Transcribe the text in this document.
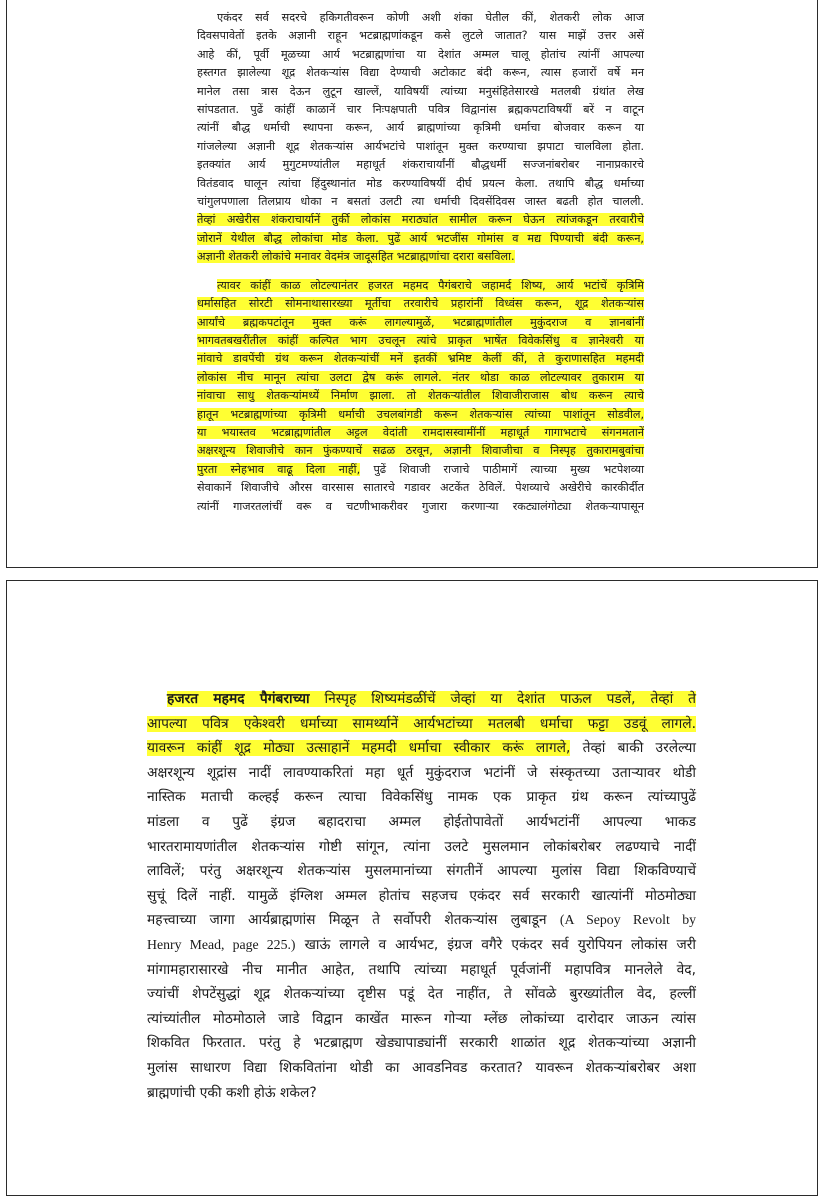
एकंदर सर्व सदरचे हकिगतीवरून कोणी अशी शंका घेतील कीं, शेतकरी लोक आज
दिवसपावेतों इतके अज्ञानी राहून भटब्राह्मणांकडून कसे लुटले जातात? यास माझें उत्तर असें
आहे कीं, पूर्वी मूळच्या आर्य भटब्राह्मणांचा या देशांत अम्मल चालू होतांच त्यांनीं आपल्या
हस्तगत झालेल्या शूद्र शेतकऱ्यांस विद्या देण्याची अटोकाट बंदी करून, त्यास हजारों वर्षे मन
मानेल तसा त्रास देऊन लुटून खाल्लें, याविषयीं त्यांच्या मनुसंहितेसारखे मतलबी ग्रंथांत लेख
सांपडतात. पुढें कांहीं काळानें चार निःपक्षपाती पवित्र विद्वानांस ब्रह्मकपटाविषयीं बरें न वाटून
त्यांनीं बौद्ध धर्माची स्थापना करून, आर्य ब्राह्मणांच्या कृत्रिमी धर्माचा बोजवार करून या
गांजलेल्या अज्ञानी शूद्र शेतकऱ्यांस आर्यभटांचे पाशांतून मुक्त करण्याचा झपाटा चालविला होता.
इतक्यांत आर्य मुगुटमण्यांतील महाधूर्त शंकराचार्यांनीं बौद्धधर्मी सज्जनांबरोबर नानाप्रकारचे
वितंडवाद घालून त्यांचा हिंदुस्थानांत मोड करण्याविषयीं दीर्घ प्रयत्न केला. तथापि बौद्ध धर्माच्या
चांगुलपणाला तिलप्राय धोका न बसतां उलटी त्या धर्माची दिवसेंदिवस जास्त बढती होत चालली.
तेव्हां अखेरीस शंकराचार्यानें तुर्की लोकांस मराठ्यांत सामील करून घेऊन त्यांजकडून तरवारीचे
जोरानें येथील बौद्ध लोकांचा मोड केला. पुढें आर्य भटजींस गोमांस व मद्य पिण्याची बंदी करून,
अज्ञानी शेतकरी लोकांचे मनावर वेदमंत्र जादूसहित भटब्राह्मणांचा दरारा बसविला.
त्यावर कांहीं काळ लोटल्यानंतर हजरत महमद पैगंबराचे जहामर्द शिष्य, आर्य भटांचें कृत्रिमि
धर्मासहित सोरटी सोमनाथासारख्या मूर्तीचा तरवारीचे प्रहारांनीं विध्वंस करून, शूद्र शेतकऱ्यांस
आर्यांचे ब्रह्मकपटांतून मुक्त करूं लागल्यामुळें, भटब्राह्मणांतील मुकुंदराज व ज्ञानबांनीं
भागवतबखरींतील कांहीं कल्पित भाग उचलून त्यांचे प्राकृत भाषेंत विवेकसिंधु व ज्ञानेश्वरी या
नांवाचे डावपेंची ग्रंथ करून शेतकऱ्यांचीं मनें इतकीं भ्रमिष्ट केलीं कीं, ते कुराणासहित महमदी
लोकांस नीच मानून त्यांचा उलटा द्वेष करूं लागले. नंतर थोडा काळ लोटल्यावर तुकाराम या
नांवाचा साधु शेतकऱ्यांमध्यें निर्माण झाला. तो शेतकऱ्यांतील शिवाजीराजास बोध करून त्याचे
हातून भटब्राह्मणांच्या कृत्रिमी धर्माची उचलबांगडी करून शेतकऱ्यांस त्यांच्या पाशांतून सोडवील,
या भयास्तव भटब्राह्मणांतील अट्टल वेदांती रामदासस्वामींनीं महाधूर्त गागाभटाचे संगनमतानें
अक्षरशून्य शिवाजीचे कान फुंकण्याचें सढळ ठरवून, अज्ञानी शिवाजीचा व निस्पृह तुकारामबुवांचा
पुरता स्नेहभाव वाढू दिला नाहीं, पुढें शिवाजी राजाचे पाठीमागें त्याच्या मुख्य भटपेशव्या
सेवाकानें शिवाजीचे औरस वारसास सातारचे गडावर अटकेंत ठेविलें. पेशव्याचे अखेरीचे कारकीर्दीत
त्यांनीं गाजरतलांचीं वरू व चटणीभाकरीवर गुजारा करणाऱ्या रकट्यालंगोट्या शेतकऱ्यापासून
हजरत महमद पैगंबराच्या निस्पृह शिष्यमंडळींचें जेव्हां या देशांत पाऊल पडलें, तेव्हां ते
आपल्या पवित्र एकेश्वरी धर्माच्या सामर्थ्यानें आर्यभटांच्या मतलबी धर्माचा फट्टा उडवूं लागले.
यावरून कांहीं शूद्र मोठ्या उत्साहानें महमदी धर्माचा स्वीकार करूं लागले, तेव्हां बाकी उरलेल्या
अक्षरशून्य शूद्रांस नादीं लावण्याकरितां महा धूर्त मुकुंदराज भटांनीं जे संस्कृतच्या उताऱ्यावर थोडी
नास्तिक मताची कल्हई करून त्याचा विवेकसिंधु नामक एक प्राकृत ग्रंथ करून त्यांच्यापुढें
मांडला व पुढें इंग्रज बहादराचा अम्मल होईतोपावेतों आर्यभटांनीं आपल्या भाकड
भारतरामायणांतील शेतकऱ्यांस गोष्टी सांगून, त्यांना उलटे मुसलमान लोकांबरोबर लढण्याचे नादीं
लाविलें; परंतु अक्षरशून्य शेतकऱ्यांस मुसलमानांच्या संगतीनें आपल्या मुलांस विद्या शिकविण्याचें
सुचूं दिलें नाहीं. यामुळें इंग्लिश अम्मल होतांच सहजच एकंदर सर्व सरकारी खात्यांनीं मोठमोठ्या
महत्त्वाच्या जागा आर्यब्राह्मणांस मिळून ते सर्वोपरी शेतकऱ्यांस लुबाडून (A Sepoy Revolt by
Henry Mead, page 225.) खाऊं लागले व आर्यभट, इंग्रज वगैरे एकंदर सर्व युरोपियन लोकांस जरी
मांगामहारासारखे नीच मानीत आहेत, तथापि त्यांच्या महाधूर्त पूर्वजांनीं महापवित्र मानलेले वेद,
ज्यांचीं शेपटेंसुद्धां शूद्र शेतकऱ्यांच्या दृष्टीस पडूं देत नाहींत, ते सोंवळे बुरख्यांतील वेद, हल्लीं
त्यांच्यांतील मोठमोठाले जाडे विद्वान काखेंत मारून गोऱ्या म्लेंछ लोकांच्या दारोदार जाऊन त्यांस
शिकवित फिरतात. परंतु हे भटब्राह्मण खेड्यापाड्यांनीं सरकारी शाळांत शूद्र शेतकऱ्यांच्या अज्ञानी
मुलांस साधारण विद्या शिकवितांना थोडी का आवडनिवड करतात? यावरून शेतकऱ्यांबरोबर अशा
ब्राह्मणांची एकी कशी होऊं शकेल?
